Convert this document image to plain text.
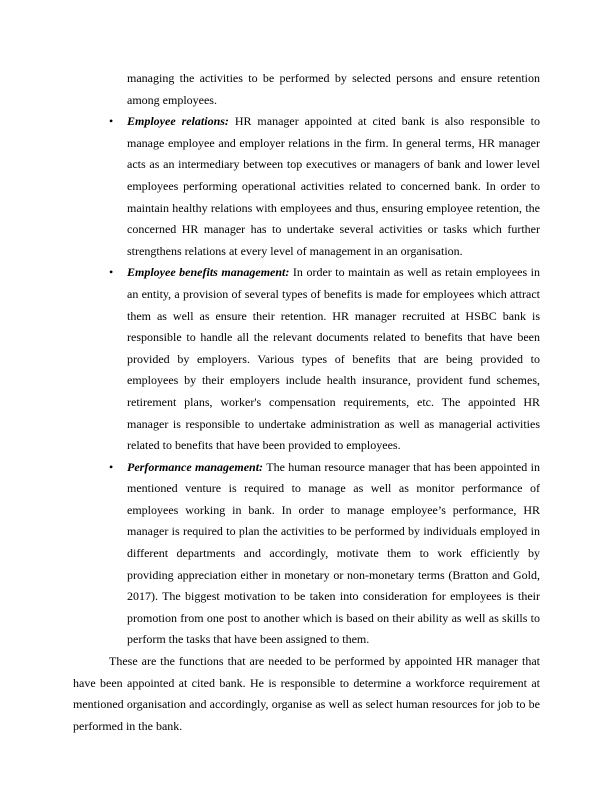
managing the activities to be performed by selected persons and ensure retention among employees.

• Employee relations: HR manager appointed at cited bank is also responsible to manage employee and employer relations in the firm. In general terms, HR manager acts as an intermediary between top executives or managers of bank and lower level employees performing operational activities related to concerned bank. In order to maintain healthy relations with employees and thus, ensuring employee retention, the concerned HR manager has to undertake several activities or tasks which further strengthens relations at every level of management in an organisation.
• Employee benefits management: In order to maintain as well as retain employees in an entity, a provision of several types of benefits is made for employees which attract them as well as ensure their retention. HR manager recruited at HSBC bank is responsible to handle all the relevant documents related to benefits that have been provided by employers. Various types of benefits that are being provided to employees by their employers include health insurance, provident fund schemes, retirement plans, worker's compensation requirements, etc. The appointed HR manager is responsible to undertake administration as well as managerial activities related to benefits that have been provided to employees.
• Performance management: The human resource manager that has been appointed in mentioned venture is required to manage as well as monitor performance of employees working in bank. In order to manage employee’s performance, HR manager is required to plan the activities to be performed by individuals employed in different departments and accordingly, motivate them to work efficiently by providing appreciation either in monetary or non-monetary terms (Bratton and Gold, 2017). The biggest motivation to be taken into consideration for employees is their promotion from one post to another which is based on their ability as well as skills to perform the tasks that have been assigned to them.

These are the functions that are needed to be performed by appointed HR manager that have been appointed at cited bank. He is responsible to determine a workforce requirement at mentioned organisation and accordingly, organise as well as select human resources for job to be performed in the bank.
